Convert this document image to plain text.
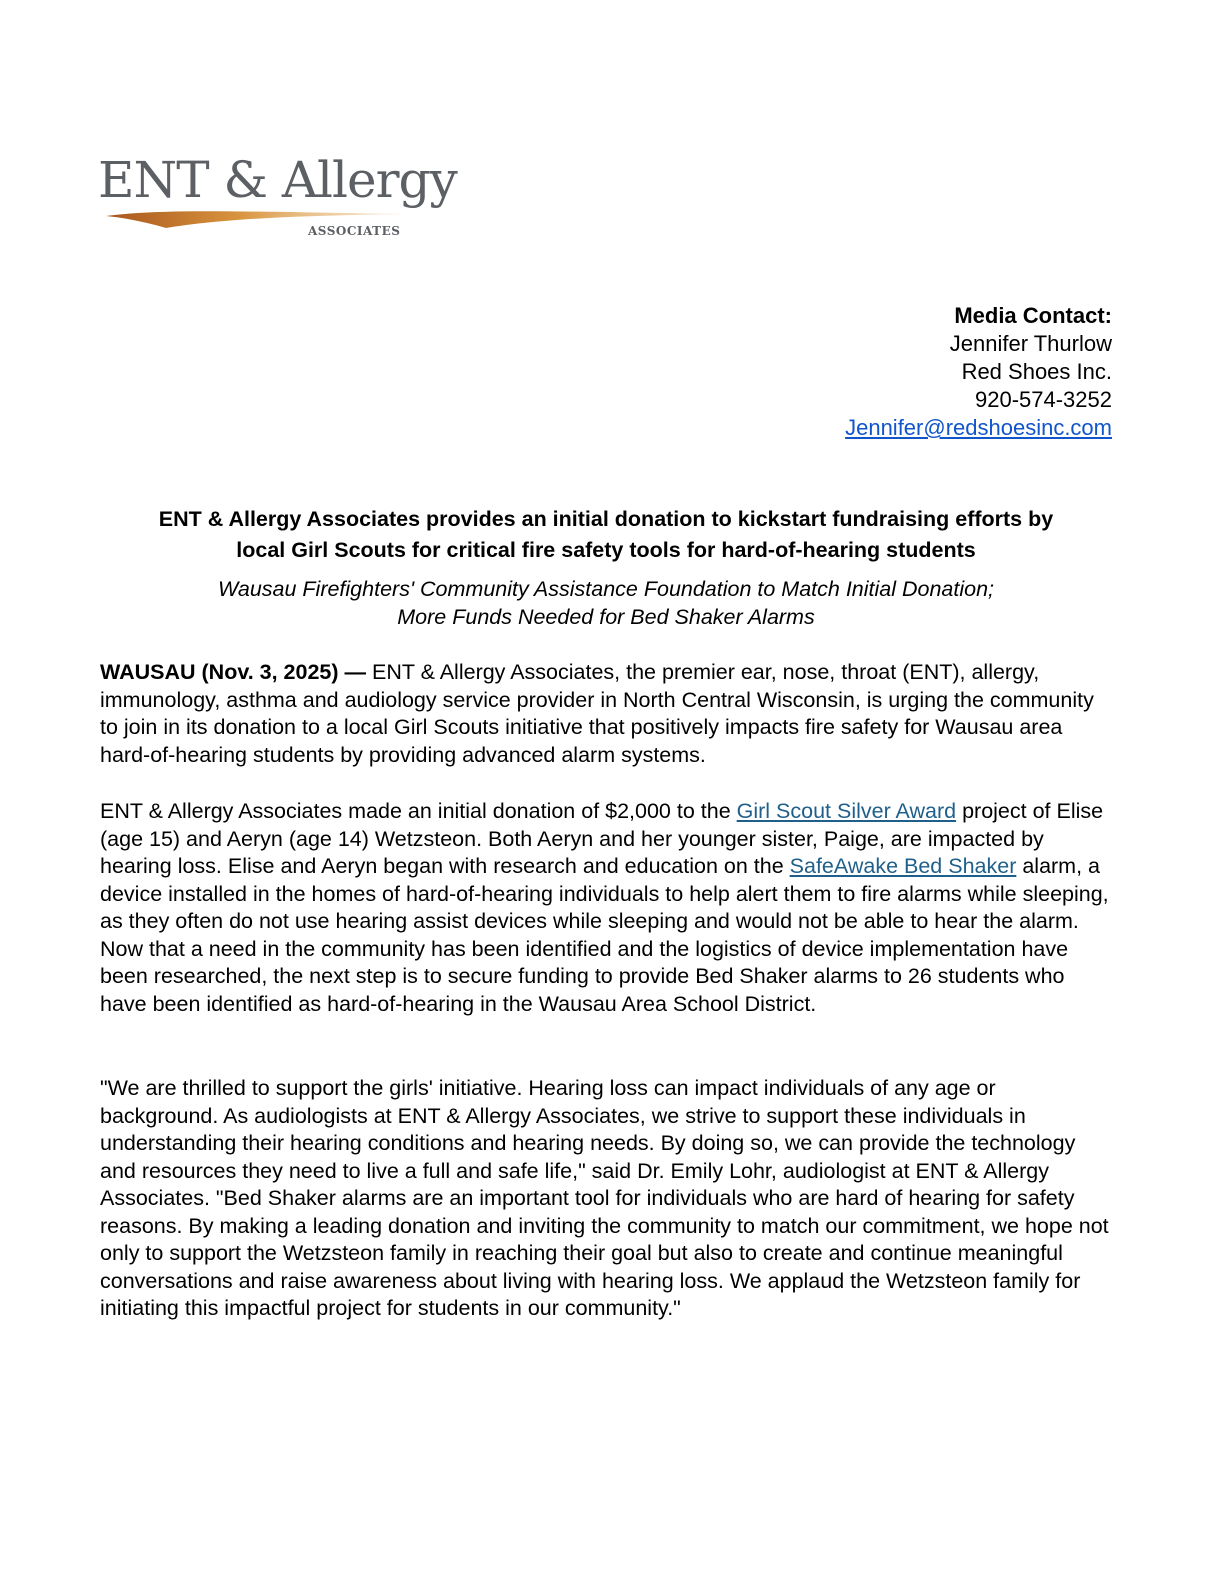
ENT & Allergy
ASSOCIATES
Media Contact:
Jennifer Thurlow
Red Shoes Inc.
920-574-3252
Jennifer@redshoesinc.com
ENT & Allergy Associates provides an initial donation to kickstart fundraising efforts by
local Girl Scouts for critical fire safety tools for hard-of-hearing students
Wausau Firefighters' Community Assistance Foundation to Match Initial Donation;
More Funds Needed for Bed Shaker Alarms
WAUSAU (Nov. 3, 2025) — ENT & Allergy Associates, the premier ear, nose, throat (ENT), allergy, immunology, asthma and audiology service provider in North Central Wisconsin, is urging the community to join in its donation to a local Girl Scouts initiative that positively impacts fire safety for Wausau area hard-of-hearing students by providing advanced alarm systems.
ENT & Allergy Associates made an initial donation of $2,000 to the Girl Scout Silver Award project of Elise (age 15) and Aeryn (age 14) Wetzsteon. Both Aeryn and her younger sister, Paige, are impacted by hearing loss. Elise and Aeryn began with research and education on the SafeAwake Bed Shaker alarm, a device installed in the homes of hard-of-hearing individuals to help alert them to fire alarms while sleeping, as they often do not use hearing assist devices while sleeping and would not be able to hear the alarm. Now that a need in the community has been identified and the logistics of device implementation have been researched, the next step is to secure funding to provide Bed Shaker alarms to 26 students who have been identified as hard-of-hearing in the Wausau Area School District.
"We are thrilled to support the girls' initiative. Hearing loss can impact individuals of any age or background. As audiologists at ENT & Allergy Associates, we strive to support these individuals in understanding their hearing conditions and hearing needs. By doing so, we can provide the technology and resources they need to live a full and safe life," said Dr. Emily Lohr, audiologist at ENT & Allergy Associates. "Bed Shaker alarms are an important tool for individuals who are hard of hearing for safety reasons. By making a leading donation and inviting the community to match our commitment, we hope not only to support the Wetzsteon family in reaching their goal but also to create and continue meaningful conversations and raise awareness about living with hearing loss. We applaud the Wetzsteon family for initiating this impactful project for students in our community."
